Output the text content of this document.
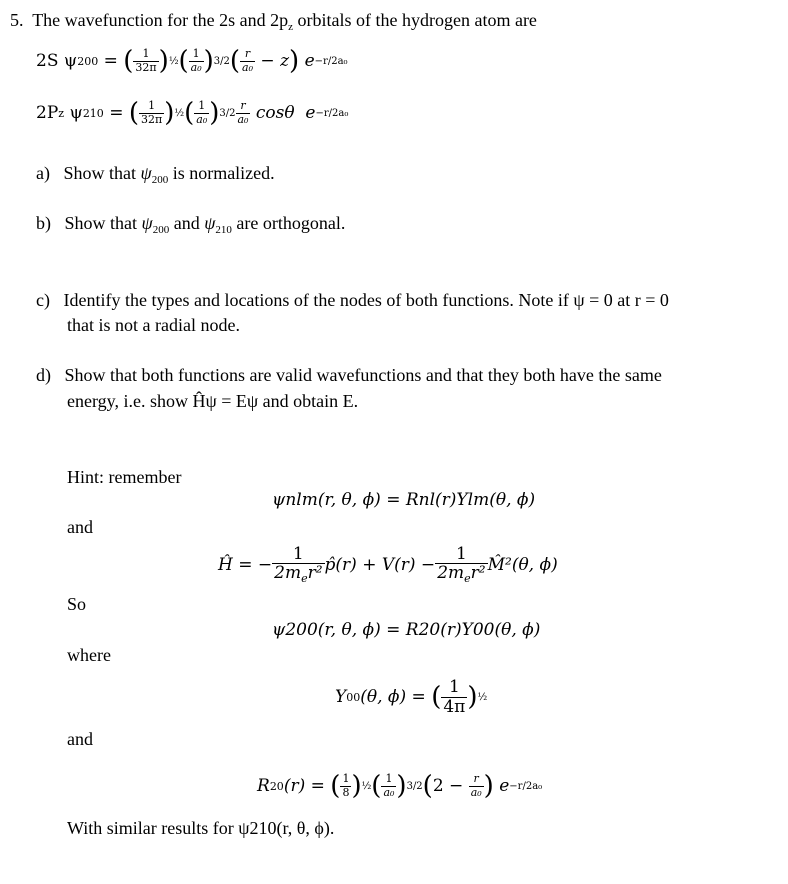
5. The wavefunction for the 2s and $2p_z$ orbitals of the hydrogen atom are
2S ψ 200 = ( $\frac{1}{32\pi}$ ) ½ ( $\frac{1}{\text{a₀}}$ ) 3/2 ( $\frac{r}{\text{a₀}} - z$ ) e −r/2a₀
2P z
ψ 210 = ( $\frac{1}{32\pi}$ ) ½ ( $\frac{1}{\text{a₀}}$ ) $3/2 \frac{r}{\text{a₀}}$ cosθ  e −r/2a₀
a) Show that $\psi_{200}$ is normalized.
b) Show that $\psi_{200}$ and $\psi_{210}$ are orthogonal.
c) Identify the types and locations of the nodes of both functions. Note if ψ = 0 at r = 0
that is not a radial node.
d) Show that both functions are valid wavefunctions and that they both have the same
energy, i.e. show Ĥψ = Eψ and obtain E.
Hint: remember
and
So
where
and
ψnlm(r, θ, ϕ) = Rnl(r)Ylm(θ, ϕ)
Ĥ = − $\frac{1}{2m_er^2}$ p̂(r) + $V(r) - \frac{1}{2m_er^2}$ M̂²(θ, ϕ)
ψ200(r, θ, ϕ) = R20(r)Y00(θ, ϕ)
Y 00 (θ, ϕ) = ( $\frac{1}{4\pi}$ ) ½
R 20 (r) = ( $\frac{1}{8}$ ) ½ ( $\frac{1}{\text{a₀}}$ ) 3/2 ( $2 - \frac{r}{\text{a₀}}$ ) e −r/2a₀
With similar results for ψ210(r, θ, ϕ).
